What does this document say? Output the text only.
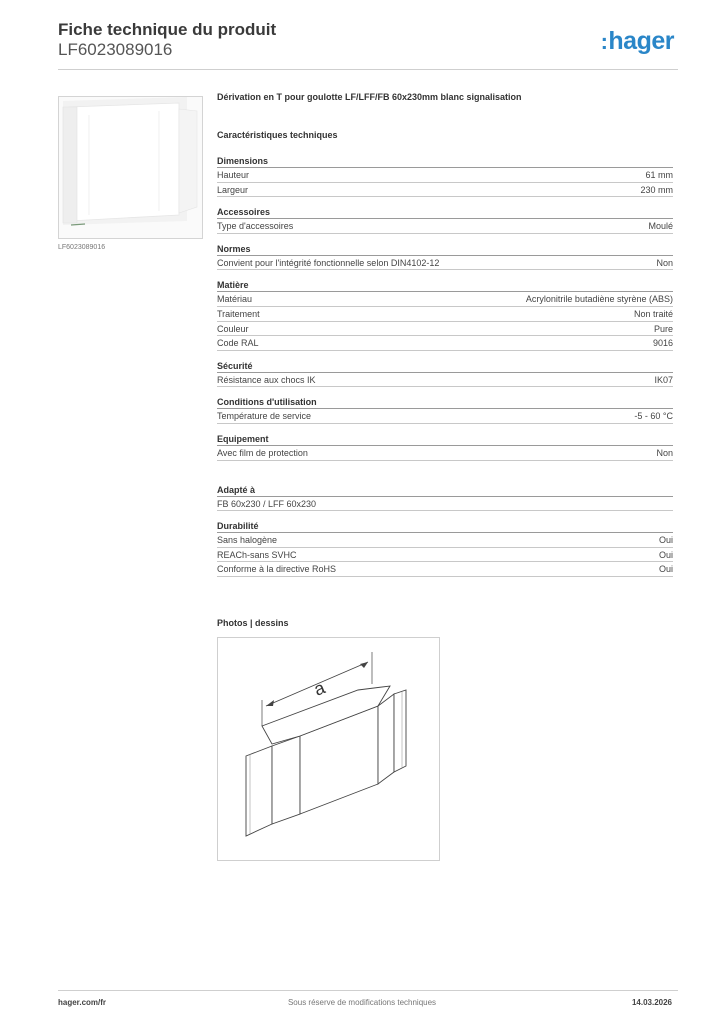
Fiche technique du produit
LF6023089016	:hager
LF6023089016
Dérivation en T pour goulotte LF/LFF/FB 60x230mm blanc signalisation
Caractéristiques techniques
Dimensions
Hauteur	61 mm
Largeur	230 mm
Accessoires
Type d'accessoires	Moulé
Normes
Convient pour l'intégrité fonctionnelle selon DIN4102-12	Non
Matière
Matériau	Acrylonitrile butadiène styrène (ABS)
Traitement	Non traité
Couleur	Pure
Code RAL	9016
Sécurité
Résistance aux chocs IK	IK07
Conditions d'utilisation
Température de service	-5 - 60 °C
Equipement
Avec film de protection	Non
Adapté à
FB 60x230 / LFF 60x230
Durabilité
Sans halogène	Oui
REACh-sans SVHC	Oui
Conforme à la directive RoHS	Oui
Photos | dessins
a
hager.com/fr	Sous réserve de modifications techniques	14.03.2026
